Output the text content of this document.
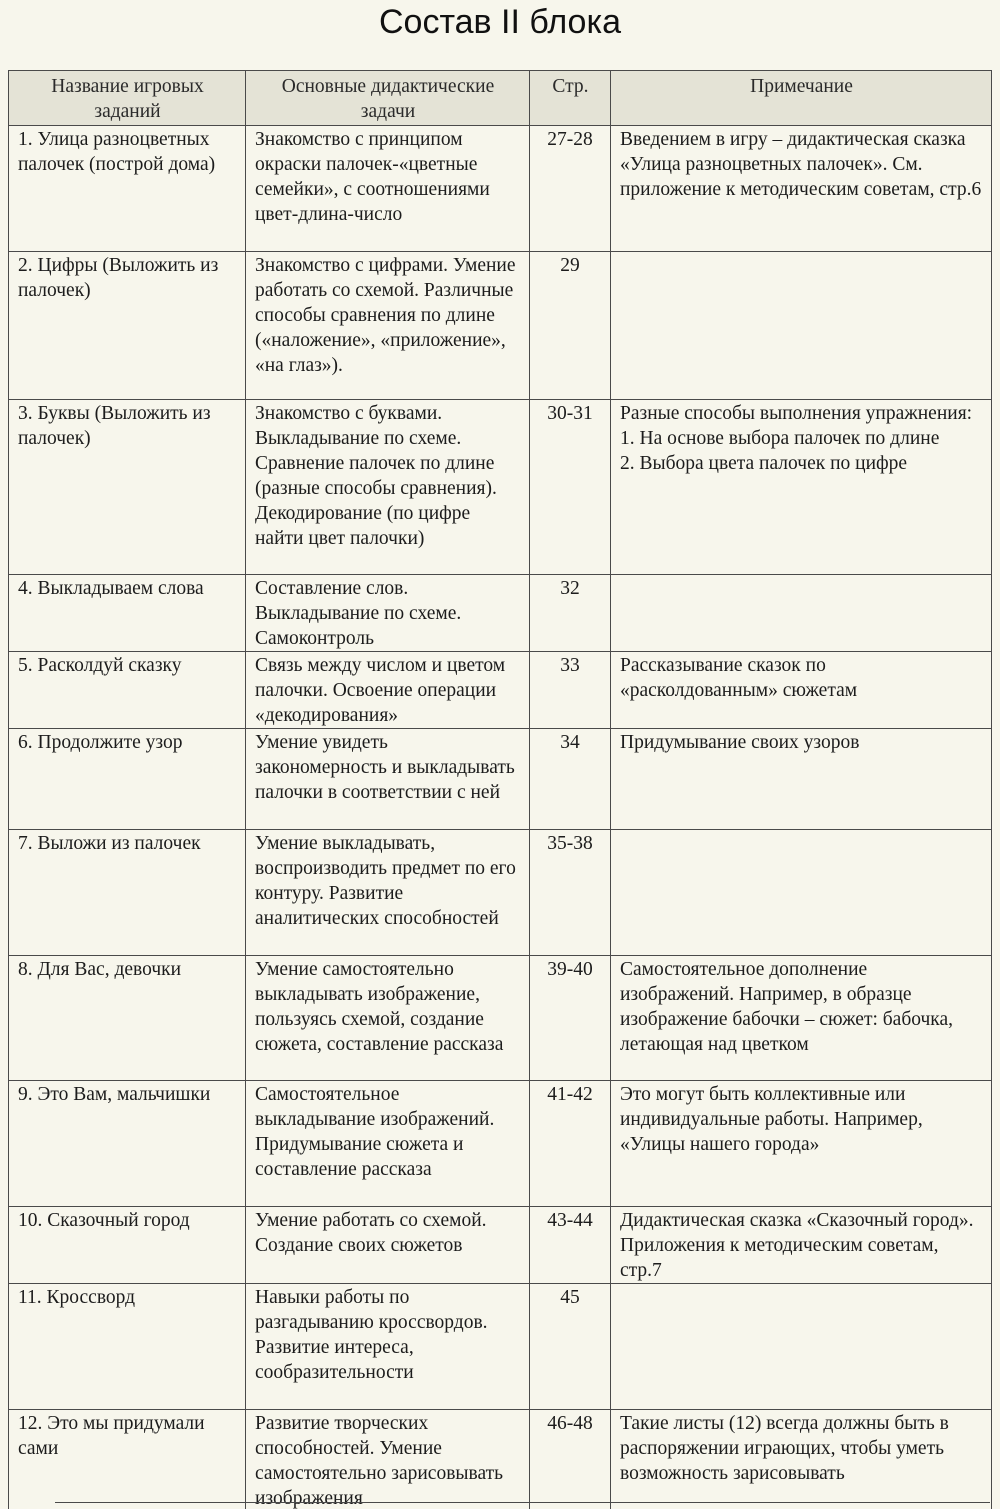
Состав II блока
Название игровых заданий	Основные дидактические задачи	Стр.	Примечание
1. Улица разноцветных палочек (построй дома)	Знакомство с принципом окраски палочек-«цветные семейки», с соотношениями цвет-длина-число	27-28	Введением в игру – дидактическая сказка «Улица разноцветных палочек». См. приложение к методическим советам, стр.6
2. Цифры (Выложить из палочек)	Знакомство с цифрами. Умение работать со схемой. Различные способы сравнения по длине («наложение», «приложение», «на глаз»).	29	
3. Буквы (Выложить из палочек)	Знакомство с буквами. Выкладывание по схеме. Сравнение палочек по длине (разные способы сравнения). Декодирование (по цифре найти цвет палочки)	30-31	Разные способы выполнения упражнения:
1. На основе выбора палочек по длине
2. Выбора цвета палочек по цифре

4. Выкладываем слова	Составление слов. Выкладывание по схеме. Самоконтроль	32	
5. Расколдуй сказку	Связь между числом и цветом палочки. Освоение операции «декодирования»	33	Рассказывание сказок по «расколдованным» сюжетам
6. Продолжите узор	Умение увидеть закономерность и выкладывать палочки в соответствии с ней	34	Придумывание своих узоров
7. Выложи из палочек	Умение выкладывать, воспроизводить предмет по его контуру. Развитие аналитических способностей	35-38	
8. Для Вас, девочки	Умение самостоятельно выкладывать изображение, пользуясь схемой, создание сюжета, составление рассказа	39-40	Самостоятельное дополнение изображений. Например, в образце изображение бабочки – сюжет: бабочка, летающая над цветком
9. Это Вам, мальчишки	Самостоятельное выкладывание изображений. Придумывание сюжета и составление рассказа	41-42	Это могут быть коллективные или индивидуальные работы. Например, «Улицы нашего города»
10. Сказочный город	Умение работать со схемой. Создание своих сюжетов	43-44	Дидактическая сказка «Сказочный город». Приложения к методическим советам, стр.7
11. Кроссворд	Навыки работы по разгадыванию кроссвордов. Развитие интереса, сообразительности	45	
12. Это мы придумали сами	Развитие творческих способностей. Умение самостоятельно зарисовывать изображения	46-48	Такие листы (12) всегда должны быть в распоряжении играющих, чтобы уметь возможность зарисовывать
